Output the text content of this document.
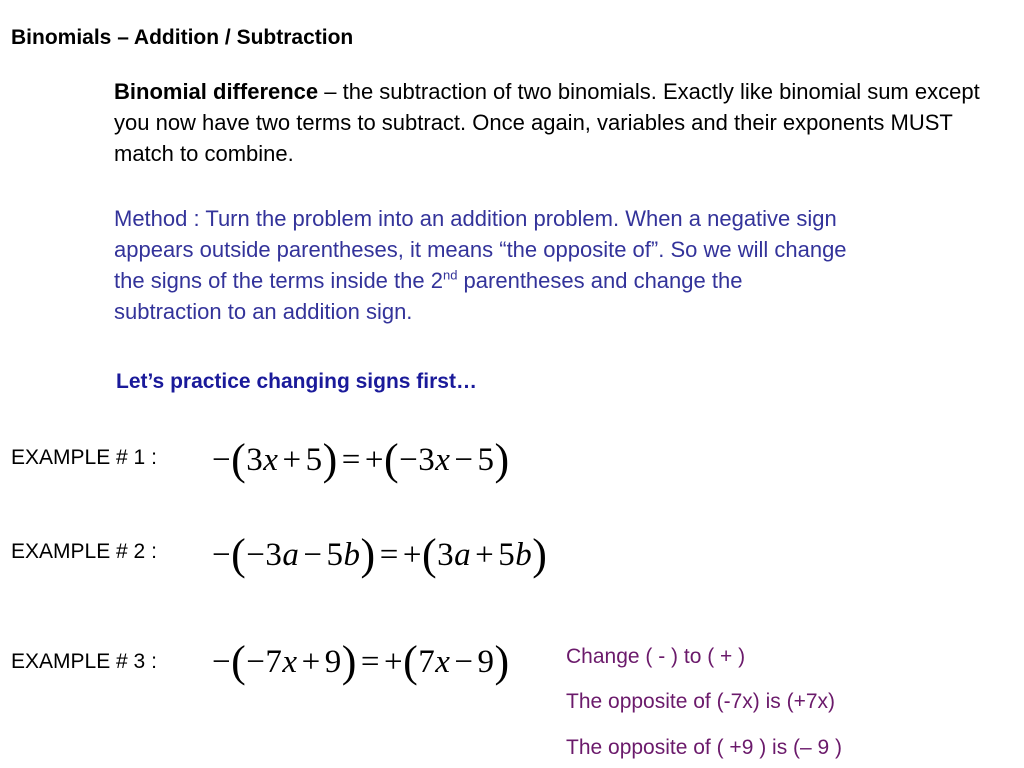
Binomials – Addition / Subtraction
Binomial difference – the subtraction of two binomials. Exactly like binomial sum except you now have two terms to subtract. Once again, variables and their exponents MUST match to combine.
Method : Turn the problem into an addition problem. When a negative sign appears outside parentheses, it means “the opposite of”. So we will change the signs of the terms inside the 2nd parentheses and change the subtraction to an addition sign.
Let’s practice changing signs first…
EXAMPLE # 1 : −(3x + 5) = +(−3x − 5)
EXAMPLE # 2 : −(−3a − 5b) = +(3a + 5b)
EXAMPLE # 3 : −(−7x + 9) = +(7x − 9)	Change ( - ) to ( + )
The opposite of (-7x) is (+7x)
The opposite of ( +9 ) is (– 9 )
